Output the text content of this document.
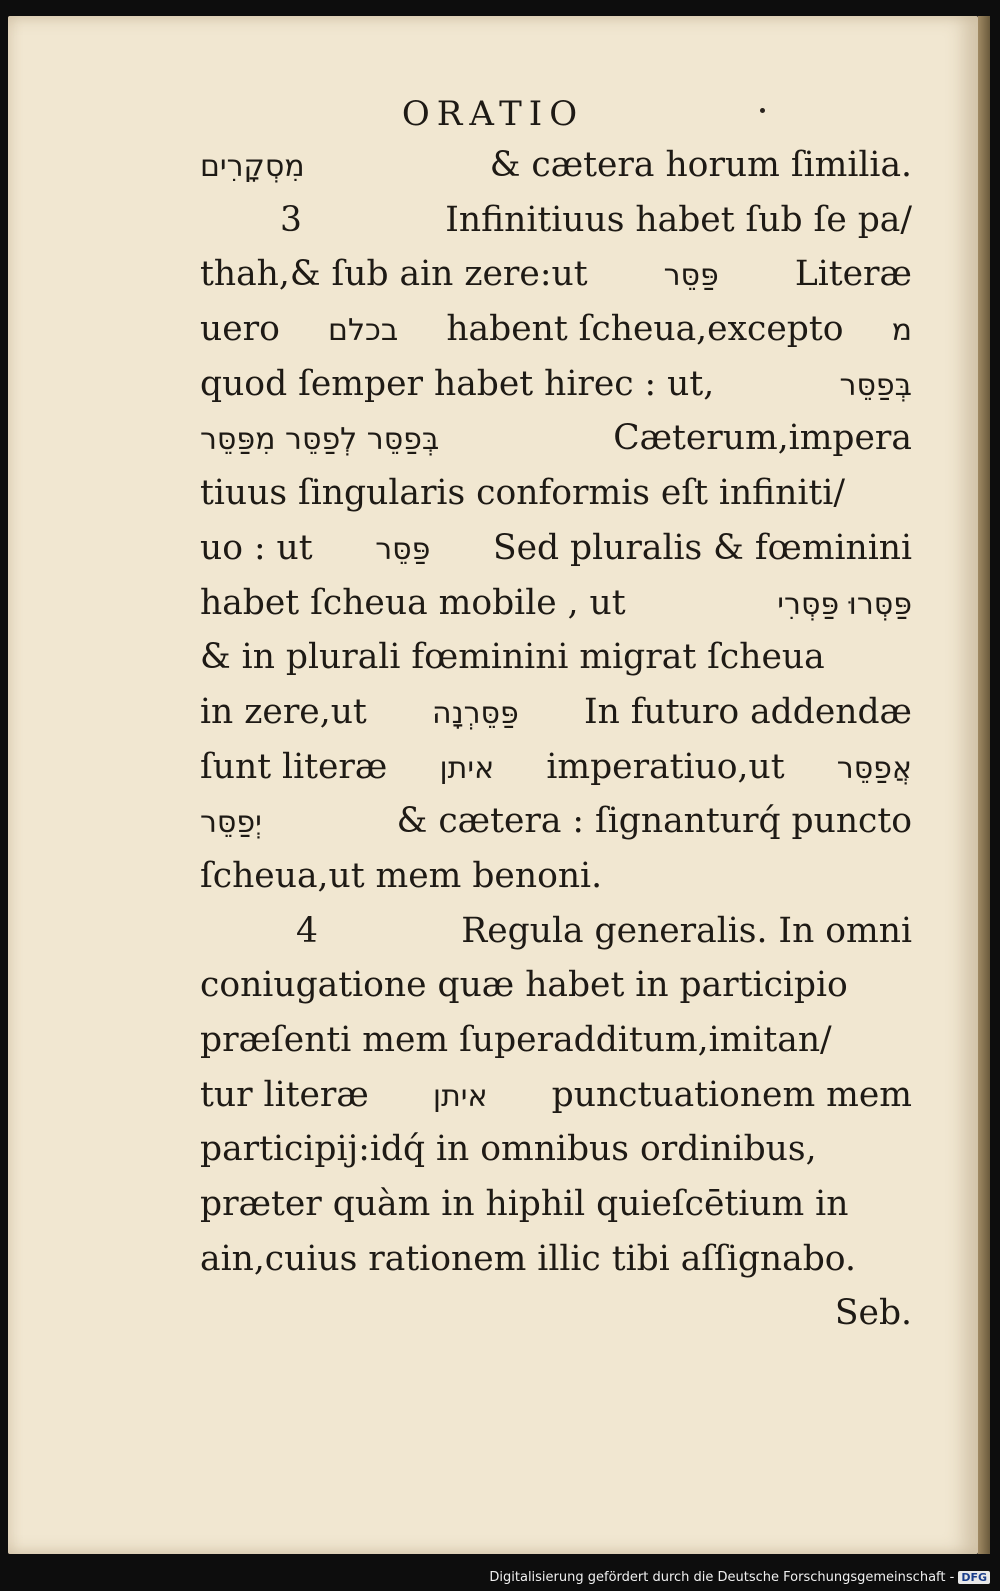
ORATIO
מִסְקָרִים	& cætera horum ſimilia.
3	Infinitiuus habet ſub ſe pa/
thah,& ſub ain zere:ut	פַּסֵּר Literæ
uero בכלם habent ſcheua,excepto מ
quod ſemper habet hirec : ut,	בְּפַסֵּר
בְּפַסֵּר לְפַסֵּר מִפַּסֵּר	Cæterum,impera
tiuus ſingularis conformis eſt infiniti/
uo : ut פַּסֵּר Sed pluralis & fœminini
habet ſcheua mobile , ut	פַּסְּרוּ פַּסְּרִי
& in plurali fœminini migrat ſcheua
in zere,ut פַּסֵּרְנָה In futuro addendæ
ſunt literæ איתן imperatiuo,ut אֲפַסֵּר
יְפַסֵּר	& cætera : ſignanturq́ puncto
ſcheua,ut mem benoni.
4	Regula generalis. In omni
coniugatione quæ habet in participio
præſenti mem ſuperadditum,imitan/
tur literæ איתן punctuationem mem
participij:idq́ in omnibus ordinibus,
præter quàm in hiphil quieſcētium in
ain,cuius rationem illic tibi aſſignabo.
Seb.
Digitalisierung gefördert durch die Deutsche Forschungsgemeinschaft - DFG
